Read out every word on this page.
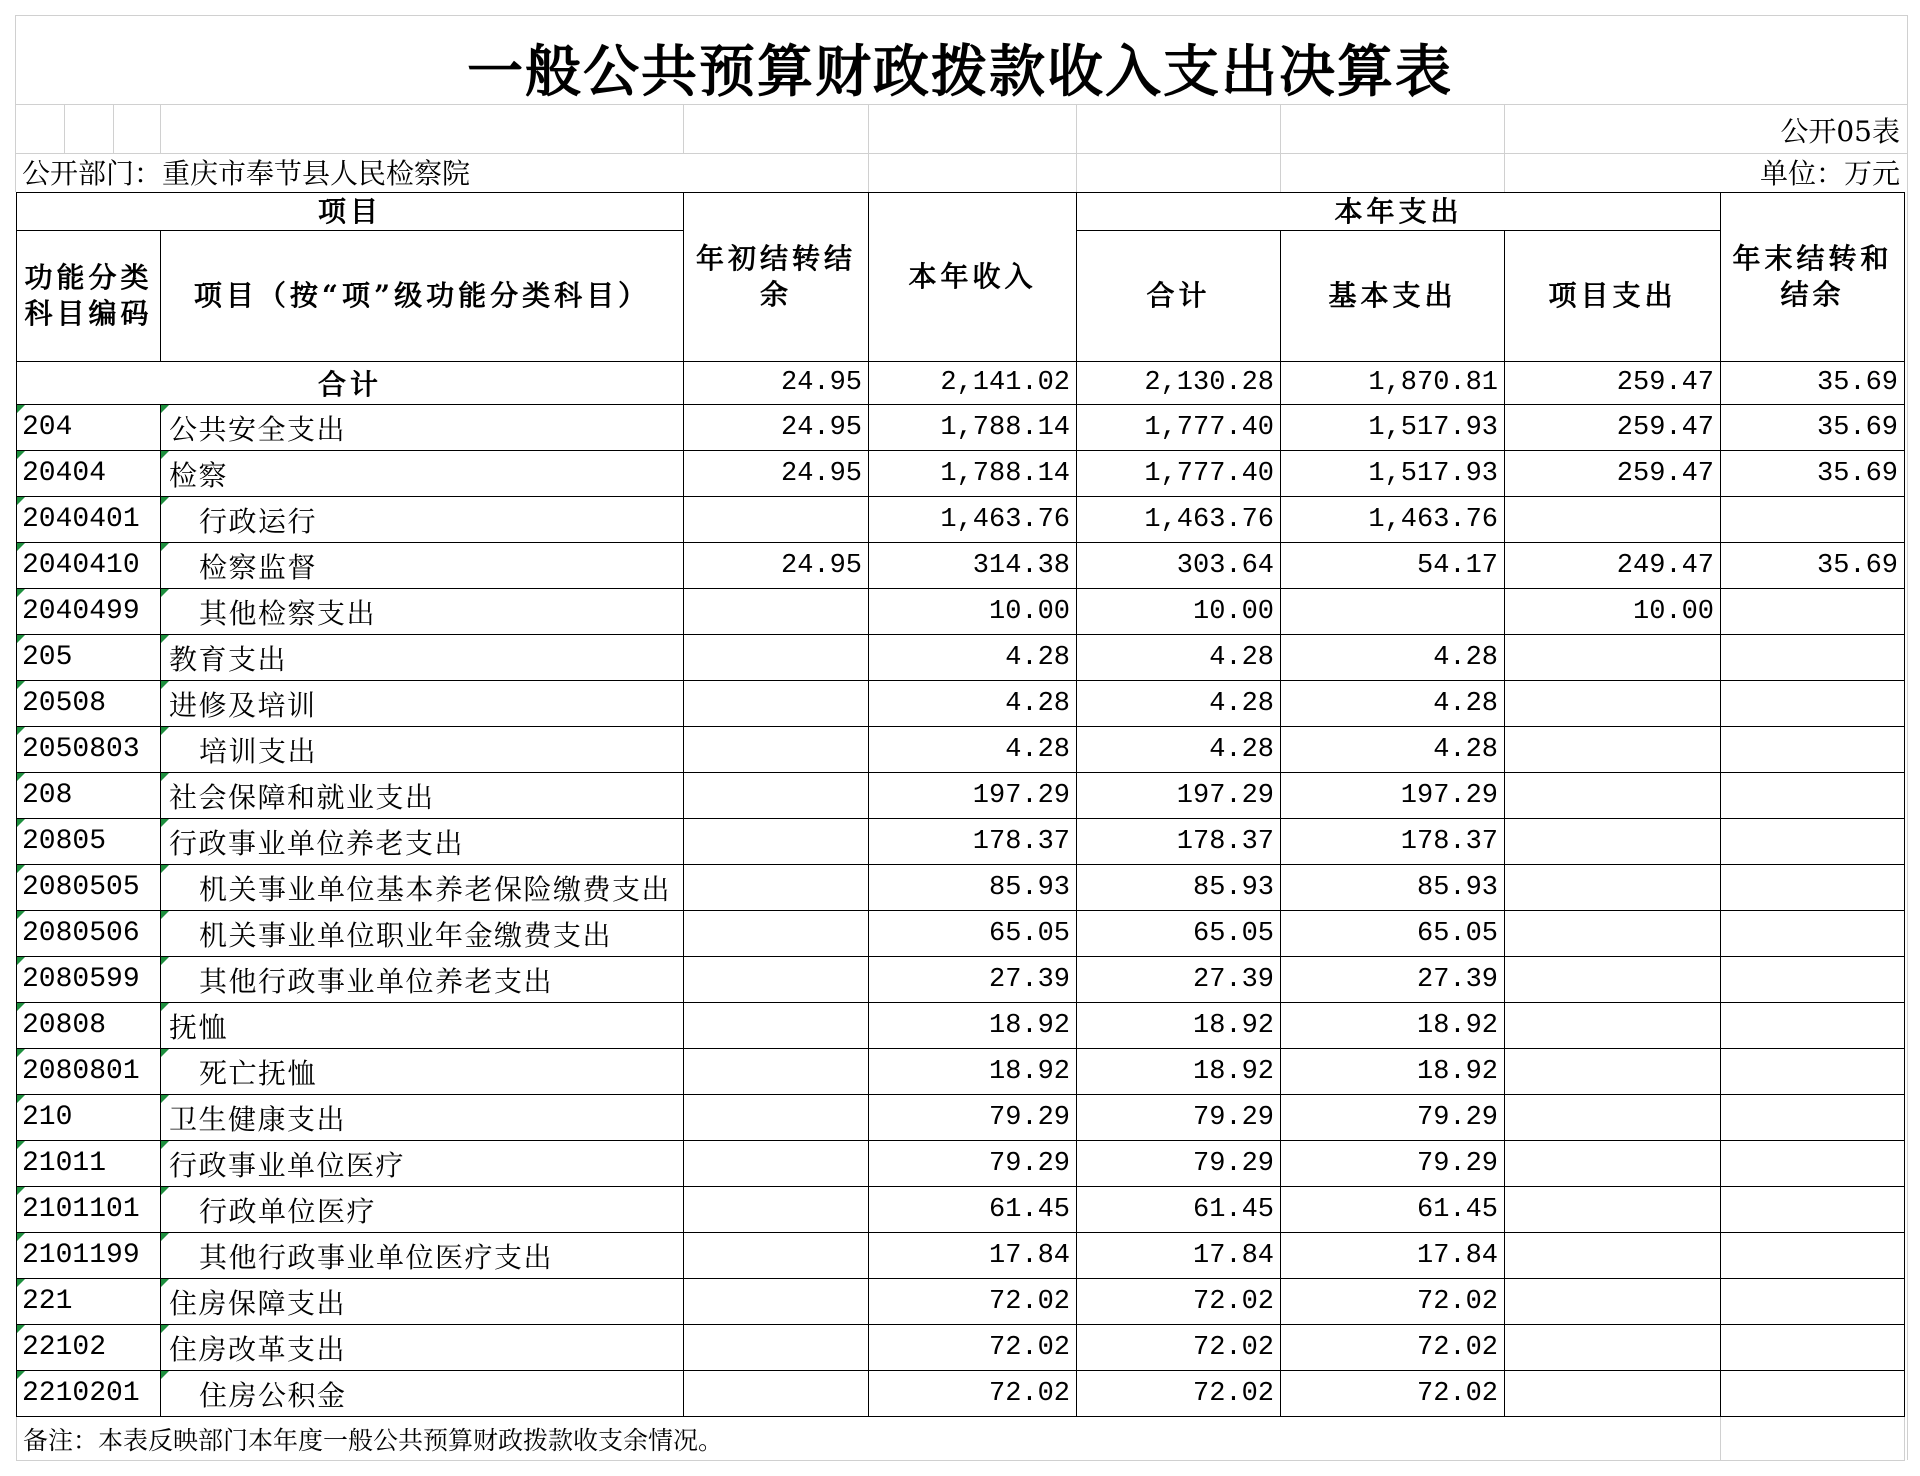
一般公共预算财政拨款收入支出决算表
公开05表
公开部门：重庆市奉节县人民检察院	单位：万元
项目		年初结转结余	本年收入	本年支出			年末结转和结余
功能分类科目编码	项目（按“项”级功能分类科目）			合计	基本支出	项目支出	
合计		24.95	2,141.02	2,130.28	1,870.81	259.47	35.69
204	公共安全支出	24.95	1,788.14	1,777.40	1,517.93	259.47	35.69
20404	检察	24.95	1,788.14	1,777.40	1,517.93	259.47	35.69
2040401	行政运行		1,463.76	1,463.76	1,463.76		
2040410	检察监督	24.95	314.38	303.64	54.17	249.47	35.69
2040499	其他检察支出		10.00	10.00		10.00	
205	教育支出		4.28	4.28	4.28		
20508	进修及培训		4.28	4.28	4.28		
2050803	培训支出		4.28	4.28	4.28		
208	社会保障和就业支出		197.29	197.29	197.29		
20805	行政事业单位养老支出		178.37	178.37	178.37		
2080505	机关事业单位基本养老保险缴费支出		85.93	85.93	85.93		
2080506	机关事业单位职业年金缴费支出		65.05	65.05	65.05		
2080599	其他行政事业单位养老支出		27.39	27.39	27.39		
20808	抚恤		18.92	18.92	18.92		
2080801	死亡抚恤		18.92	18.92	18.92		
210	卫生健康支出		79.29	79.29	79.29		
21011	行政事业单位医疗		79.29	79.29	79.29		
2101101	行政单位医疗		61.45	61.45	61.45		
2101199	其他行政事业单位医疗支出		17.84	17.84	17.84		
221	住房保障支出		72.02	72.02	72.02		
22102	住房改革支出		72.02	72.02	72.02		
2210201	住房公积金		72.02	72.02	72.02		
备注：本表反映部门本年度一般公共预算财政拨款收支余情况。							
